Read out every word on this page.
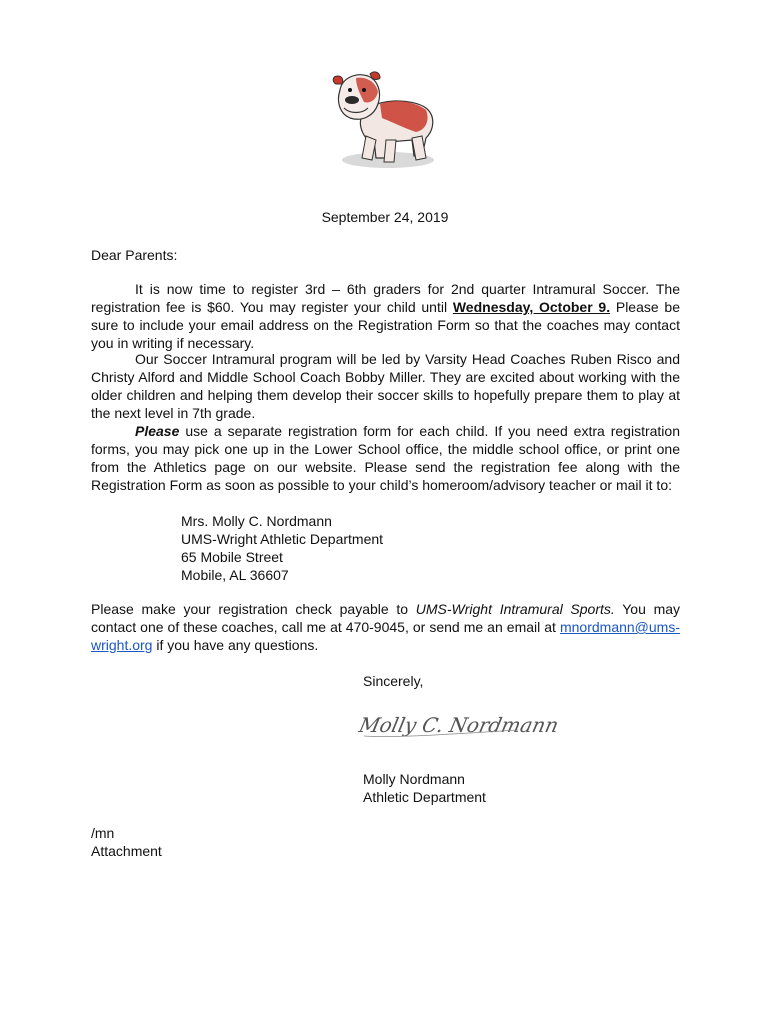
September 24, 2019
Dear Parents:
It is now time to register 3rd – 6th graders for 2nd quarter Intramural Soccer. The registration fee is $60. You may register your child until Wednesday, October 9. Please be sure to include your email address on the Registration Form so that the coaches may contact you in writing if necessary.
Our Soccer Intramural program will be led by Varsity Head Coaches Ruben Risco and Christy Alford and Middle School Coach Bobby Miller. They are excited about working with the older children and helping them develop their soccer skills to hopefully prepare them to play at the next level in 7th grade.
Please use a separate registration form for each child. If you need extra registration forms, you may pick one up in the Lower School office, the middle school office, or print one from the Athletics page on our website. Please send the registration fee along with the Registration Form as soon as possible to your child’s homeroom/advisory teacher or mail it to:
Mrs. Molly C. Nordmann
UMS-Wright Athletic Department
65 Mobile Street
Mobile, AL 36607
Please make your registration check payable to UMS-Wright Intramural Sports. You may contact one of these coaches, call me at 470-9045, or send me an email at mnordmann@ums-wright.org if you have any questions.
Sincerely,
Molly C. Nordmann
Molly Nordmann
Athletic Department
/mn
Attachment
